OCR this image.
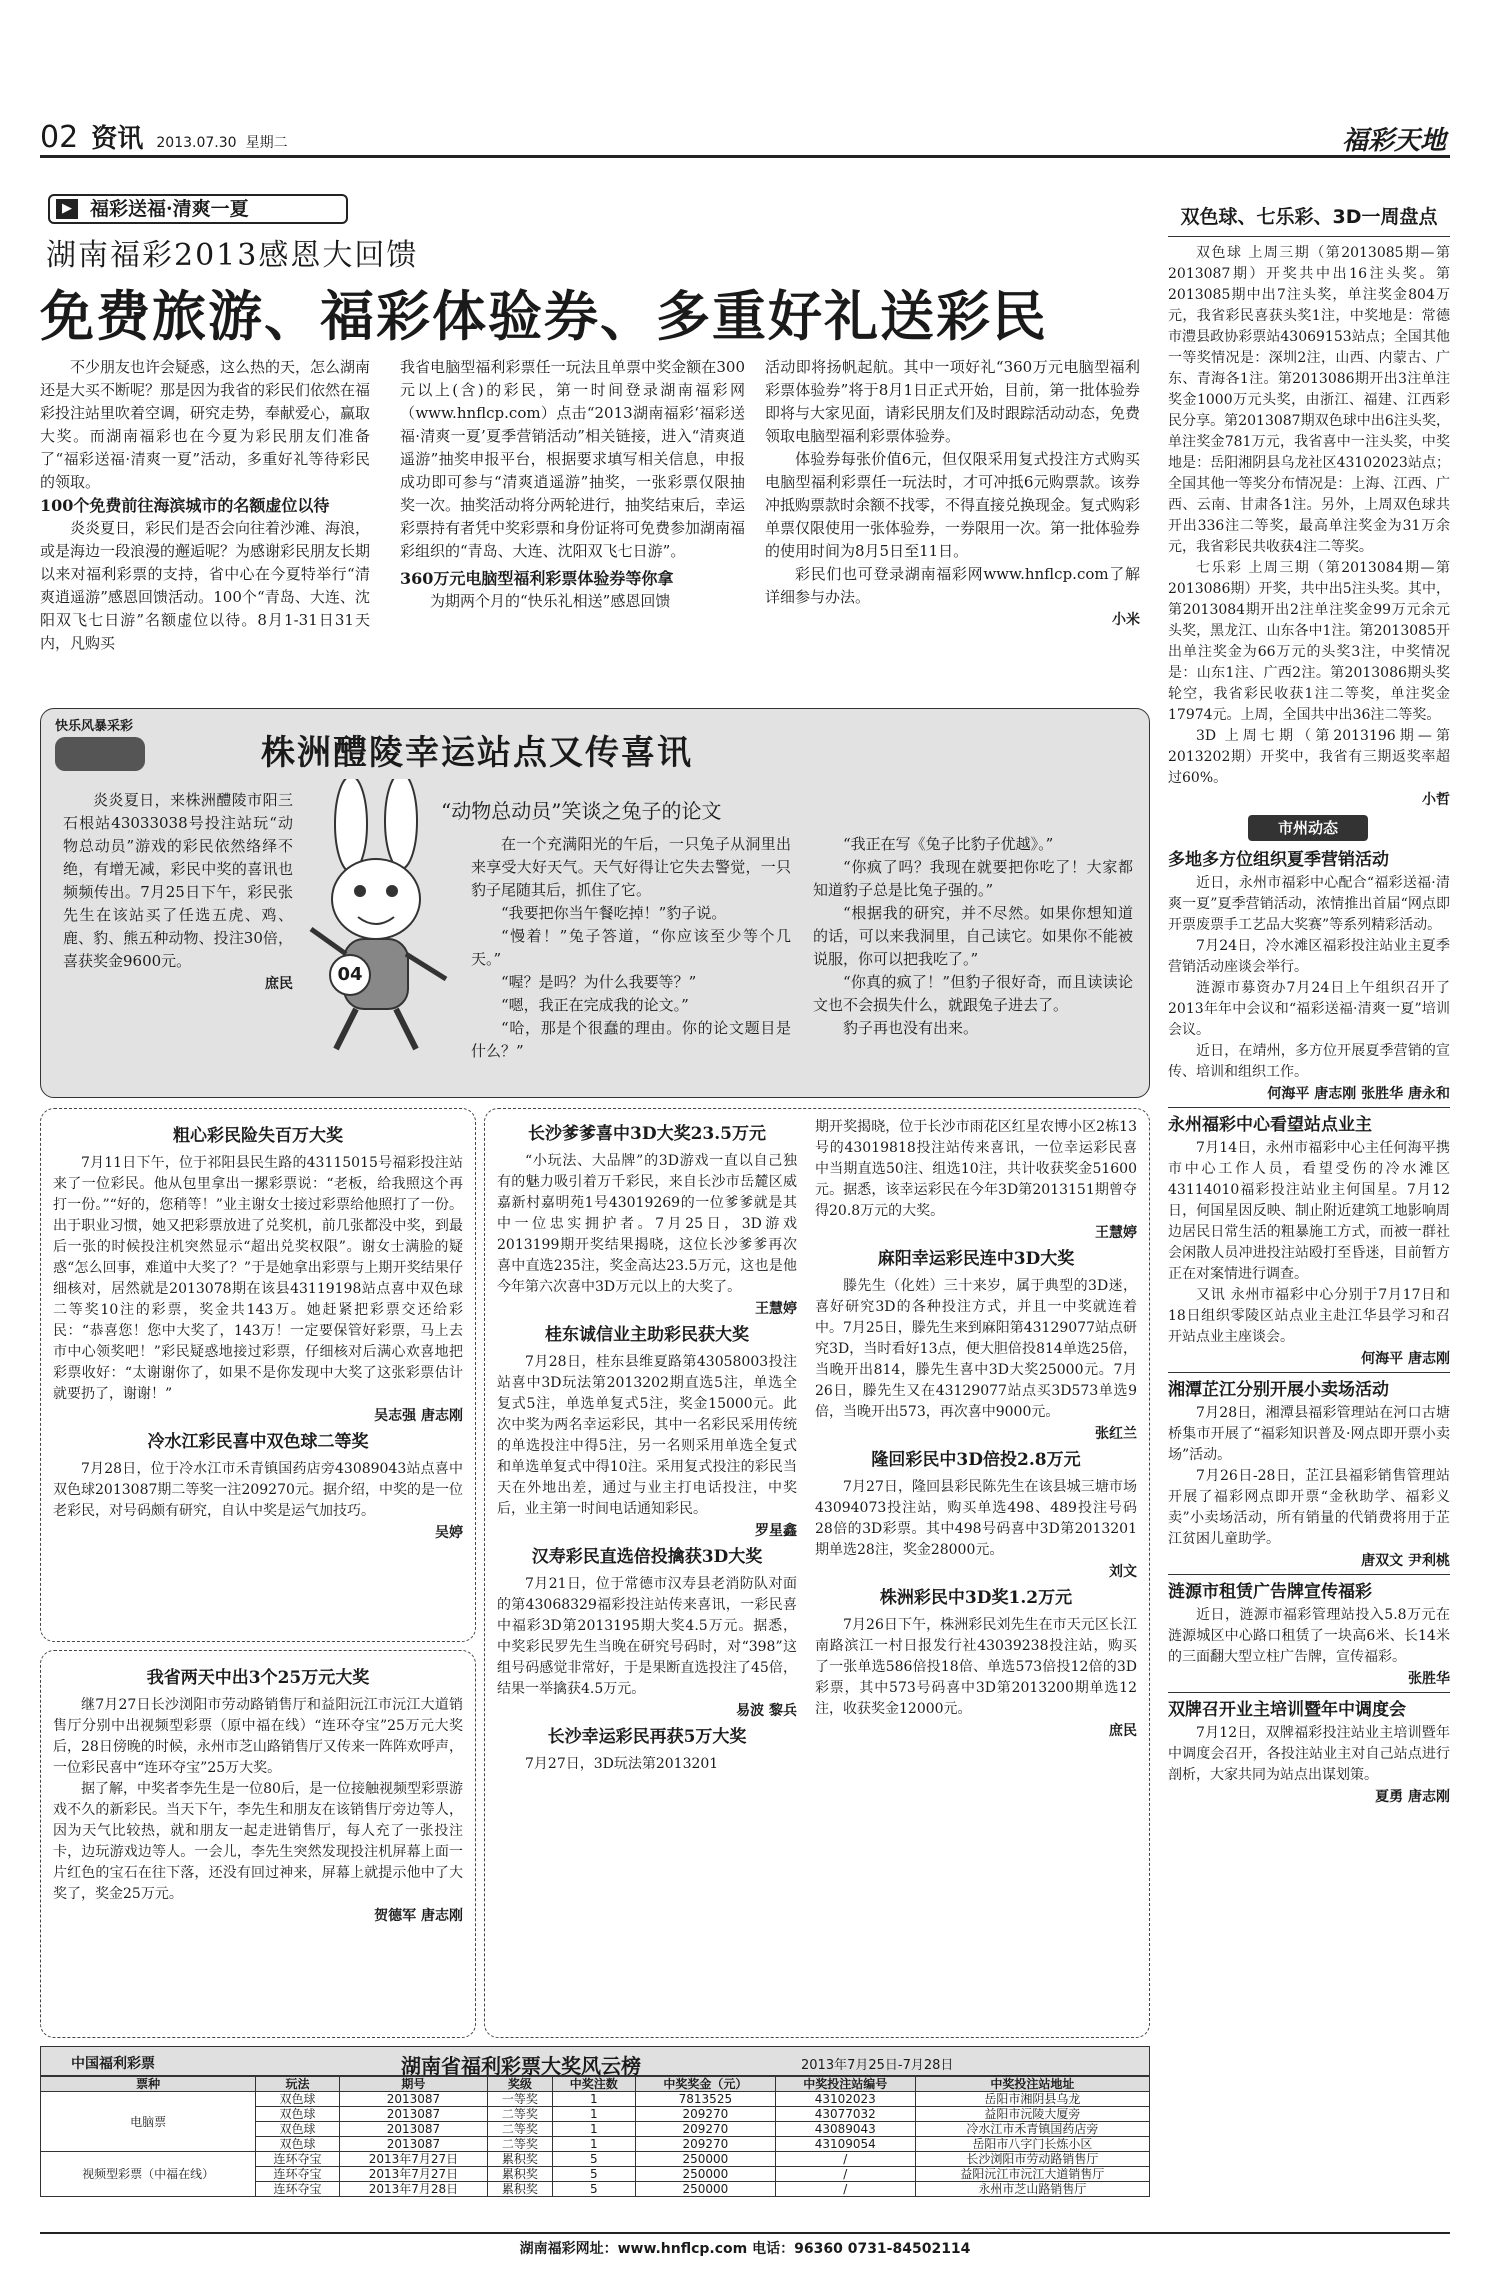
02 资讯 2013.07.30 星期二	福彩天地
▶ 福彩送福·清爽一夏
湖南福彩2013感恩大回馈
免费旅游、福彩体验券、多重好礼送彩民

不少朋友也许会疑惑，这么热的天，怎么湖南还是大买不断呢？那是因为我省的彩民们依然在福彩投注站里吹着空调，研究走势，奉献爱心，赢取大奖。而湖南福彩也在今夏为彩民朋友们准备了“福彩送福·清爽一夏”活动，多重好礼等待彩民的领取。

100个免费前往海滨城市的名额虚位以待

炎炎夏日，彩民们是否会向往着沙滩、海浪，或是海边一段浪漫的邂逅呢？为感谢彩民朋友长期以来对福利彩票的支持，省中心在今夏特举行“清爽逍遥游”感恩回馈活动。100个“青岛、大连、沈阳双飞七日游”名额虚位以待。8月1-31日31天内，凡购买

我省电脑型福利彩票任一玩法且单票中奖金额在300元以上(含)的彩民，第一时间登录湖南福彩网（www.hnflcp.com）点击“2013湖南福彩‘福彩送福·清爽一夏’夏季营销活动”相关链接，进入“清爽逍遥游”抽奖申报平台，根据要求填写相关信息，申报成功即可参与“清爽逍遥游”抽奖，一张彩票仅限抽奖一次。抽奖活动将分两轮进行，抽奖结束后，幸运彩票持有者凭中奖彩票和身份证将可免费参加湖南福彩组织的“青岛、大连、沈阳双飞七日游”。

360万元电脑型福利彩票体验券等你拿

为期两个月的“快乐礼相送”感恩回馈

活动即将扬帆起航。其中一项好礼“360万元电脑型福利彩票体验券”将于8月1日正式开始，目前，第一批体验券即将与大家见面，请彩民朋友们及时跟踪活动动态，免费领取电脑型福利彩票体验券。

体验券每张价值6元，但仅限采用复式投注方式购买电脑型福利彩票任一玩法时，才可冲抵6元购票款。该券冲抵购票款时余额不找零，不得直接兑换现金。复式购彩单票仅限使用一张体验券，一券限用一次。第一批体验券的使用时间为8月5日至11日。

彩民们也可登录湖南福彩网www.hnflcp.com了解详细参与办法。

小米
快乐风暴采彩
株洲醴陵幸运站点又传喜讯

炎炎夏日，来株洲醴陵市阳三石根站43033038号投注站玩“动物总动员”游戏的彩民依然络绎不绝，有增无减，彩民中奖的喜讯也频频传出。7月25日下午，彩民张先生在该站买了任选五虎、鸡、鹿、豹、熊五种动物、投注30倍，喜获奖金9600元。

庶民	04
“动物总动员”笑谈之兔子的论文

在一个充满阳光的午后，一只兔子从洞里出来享受大好天气。天气好得让它失去警觉，一只豹子尾随其后，抓住了它。

“我要把你当午餐吃掉！”豹子说。

“慢着！”兔子答道，“你应该至少等个几天。”

“喔？是吗？为什么我要等？”

“嗯，我正在完成我的论文。”

“哈，那是个很蠢的理由。你的论文题目是什么？”

“我正在写《兔子比豹子优越》。”

“你疯了吗？我现在就要把你吃了！大家都知道豹子总是比兔子强的。”

“根据我的研究，并不尽然。如果你想知道的话，可以来我洞里，自己读它。如果你不能被说服，你可以把我吃了。”

“你真的疯了！”但豹子很好奇，而且读读论文也不会损失什么，就跟兔子进去了。

豹子再也没有出来。

粗心彩民险失百万大奖

7月11日下午，位于祁阳县民生路的43115015号福彩投注站来了一位彩民。他从包里拿出一摞彩票说：“老板，给我照这个再打一份。”“好的，您稍等！”业主谢女士接过彩票给他照打了一份。出于职业习惯，她又把彩票放进了兑奖机，前几张都没中奖，到最后一张的时候投注机突然显示“超出兑奖权限”。谢女士满脸的疑惑“怎么回事，难道中大奖了？”于是她拿出彩票与上期开奖结果仔细核对，居然就是2013078期在该县43119198站点喜中双色球二等奖10注的彩票，奖金共143万。她赶紧把彩票交还给彩民：“恭喜您！您中大奖了，143万！一定要保管好彩票，马上去市中心领奖吧！”彩民疑惑地接过彩票，仔细核对后满心欢喜地把彩票收好：“太谢谢你了，如果不是你发现中大奖了这张彩票估计就要扔了，谢谢！”

吴志强 唐志刚
冷水江彩民喜中双色球二等奖

7月28日，位于冷水江市禾青镇国药店旁43089043站点喜中双色球2013087期二等奖一注209270元。据介绍，中奖的是一位老彩民，对号码颇有研究，自认中奖是运气加技巧。

吴婷
我省两天中出3个25万元大奖

继7月27日长沙浏阳市劳动路销售厅和益阳沅江市沅江大道销售厅分别中出视频型彩票（原中福在线）“连环夺宝”25万元大奖后，28日傍晚的时候，永州市芝山路销售厅又传来一阵阵欢呼声，一位彩民喜中“连环夺宝”25万大奖。

据了解，中奖者李先生是一位80后，是一位接触视频型彩票游戏不久的新彩民。当天下午，李先生和朋友在该销售厅旁边等人，因为天气比较热，就和朋友一起走进销售厅，每人充了一张投注卡，边玩游戏边等人。一会儿，李先生突然发现投注机屏幕上面一片红色的宝石在往下落，还没有回过神来，屏幕上就提示他中了大奖了，奖金25万元。

贺德军 唐志刚
长沙爹爹喜中3D大奖23.5万元

“小玩法、大品牌”的3D游戏一直以自己独有的魅力吸引着万千彩民，来自长沙市岳麓区威嘉新村嘉明苑1号43019269的一位爹爹就是其中一位忠实拥护者。7月25日，3D游戏2013199期开奖结果揭晓，这位长沙爹爹再次喜中直选235注，奖金高达23.5万元，这也是他今年第六次喜中3D万元以上的大奖了。

王慧婷
桂东诚信业主助彩民获大奖

7月28日，桂东县维夏路第43058003投注站喜中3D玩法第2013202期直选5注，单选全复式5注，单选单复式5注，奖金15000元。此次中奖为两名幸运彩民，其中一名彩民采用传统的单选投注中得5注，另一名则采用单选全复式和单选单复式中得10注。采用复式投注的彩民当天在外地出差，通过与业主打电话投注，中奖后，业主第一时间电话通知彩民。

罗星鑫
汉寿彩民直选倍投擒获3D大奖

7月21日，位于常德市汉寿县老消防队对面的第43068329福彩投注站传来喜讯，一彩民喜中福彩3D第2013195期大奖4.5万元。据悉，中奖彩民罗先生当晚在研究号码时，对“398”这组号码感觉非常好，于是果断直选投注了45倍，结果一举擒获4.5万元。

易波 黎兵
长沙幸运彩民再获5万大奖

7月27日，3D玩法第2013201

期开奖揭晓，位于长沙市雨花区红星农博小区2栋13号的43019818投注站传来喜讯，一位幸运彩民喜中当期直选50注、组选10注，共计收获奖金51600元。据悉，该幸运彩民在今年3D第2013151期曾夺得20.8万元的大奖。

王慧婷
麻阳幸运彩民连中3D大奖

滕先生（化姓）三十来岁，属于典型的3D迷，喜好研究3D的各种投注方式，并且一中奖就连着中。7月25日，滕先生来到麻阳第43129077站点研究3D，当时看好13点，便大胆倍投814单选25倍，当晚开出814，滕先生喜中3D大奖25000元。7月26日，滕先生又在43129077站点买3D573单选9倍，当晚开出573，再次喜中9000元。

张红兰
隆回彩民中3D倍投2.8万元

7月27日，隆回县彩民陈先生在该县城三塘市场43094073投注站，购买单选498、489投注号码28倍的3D彩票。其中498号码喜中3D第2013201期单选28注，奖金28000元。

刘文
株洲彩民中3D奖1.2万元

7月26日下午，株洲彩民刘先生在市天元区长江南路滨江一村日报发行社43039238投注站，购买了一张单选586倍投18倍、单选573倍投12倍的3D彩票，其中573号码喜中3D第2013200期单选12注，收获奖金12000元。

庶民
双色球、七乐彩、3D一周盘点

双色球 上周三期（第2013085期—第2013087期）开奖共中出16注头奖。第2013085期中出7注头奖，单注奖金804万元，我省彩民喜获头奖1注，中奖地是：常德市澧县政协彩票站43069153站点；全国其他一等奖情况是：深圳2注，山西、内蒙古、广东、青海各1注。第2013086期开出3注单注奖金1000万元头奖，由浙江、福建、江西彩民分享。第2013087期双色球中出6注头奖，单注奖金781万元，我省喜中一注头奖，中奖地是：岳阳湘阴县乌龙社区43102023站点；全国其他一等奖分布情况是：上海、江西、广西、云南、甘肃各1注。另外，上周双色球共开出336注二等奖，最高单注奖金为31万余元，我省彩民共收获4注二等奖。

七乐彩 上周三期（第2013084期—第2013086期）开奖，共中出5注头奖。其中，第2013084期开出2注单注奖金99万元余元头奖，黑龙江、山东各中1注。第2013085开出单注奖金为66万元的头奖3注，中奖情况是：山东1注、广西2注。第2013086期头奖轮空，我省彩民收获1注二等奖，单注奖金17974元。上周，全国共中出36注二等奖。

3D 上周七期（第2013196期—第2013202期）开奖中，我省有三期返奖率超过60%。

小哲
市州动态
多地多方位组织夏季营销活动

近日，永州市福彩中心配合“福彩送福·清爽一夏”夏季营销活动，浓情推出首届“网点即开票废票手工艺品大奖赛”等系列精彩活动。

7月24日，冷水滩区福彩投注站业主夏季营销活动座谈会举行。

涟源市募资办7月24日上午组织召开了2013年年中会议和“福彩送福·清爽一夏”培训会议。

近日，在靖州，多方位开展夏季营销的宣传、培训和组织工作。

何海平 唐志刚 张胜华 唐永和
永州福彩中心看望站点业主

7月14日，永州市福彩中心主任何海平携市中心工作人员，看望受伤的冷水滩区43114010福彩投注站业主何国星。7月12日，何国星因反映、制止附近建筑工地影响周边居民日常生活的粗暴施工方式，而被一群社会闲散人员冲进投注站殴打至昏迷，目前暂方正在对案情进行调查。

又讯 永州市福彩中心分别于7月17日和18日组织零陵区站点业主赴江华县学习和召开站点业主座谈会。

何海平 唐志刚
湘潭芷江分别开展小卖场活动

7月28日，湘潭县福彩管理站在河口古塘桥集市开展了“福彩知识普及·网点即开票小卖场”活动。

7月26日-28日，芷江县福彩销售管理站开展了福彩网点即开票“金秋助学、福彩义卖”小卖场活动，所有销量的代销费将用于芷江贫困儿童助学。

唐双文 尹利桃
涟源市租赁广告牌宣传福彩

近日，涟源市福彩管理站投入5.8万元在涟源城区中心路口租赁了一块高6米、长14米的三面翻大型立柱广告牌，宣传福彩。

张胜华
双牌召开业主培训暨年中调度会

7月12日，双牌福彩投注站业主培训暨年中调度会召开，各投注站业主对自己站点进行剖析，大家共同为站点出谋划策。

夏勇 唐志刚
中国福利彩票	湖南省福利彩票大奖风云榜	2013年7月25日-7月28日
票种	玩法	期号	奖级	中奖注数	中奖奖金（元）	中奖投注站编号	中奖投注站地址
电脑票	双色球	2013087	一等奖	1	7813525	43102023	岳阳市湘阴县乌龙
	双色球	2013087	二等奖	1	209270	43077032	益阳市沅陵大厦旁
	双色球	2013087	二等奖	1	209270	43089043	冷水江市禾青镇国药店旁
	双色球	2013087	二等奖	1	209270	43109054	岳阳市八字门长炼小区
视频型彩票（中福在线）	连环夺宝	2013年7月27日	累积奖	5	250000	/	长沙浏阳市劳动路销售厅
	连环夺宝	2013年7月27日	累积奖	5	250000	/	益阳沅江市沅江大道销售厅
	连环夺宝	2013年7月28日	累积奖	5	250000	/	永州市芝山路销售厅
湖南福彩网址：www.hnflcp.com 电话：96360 0731-84502114
